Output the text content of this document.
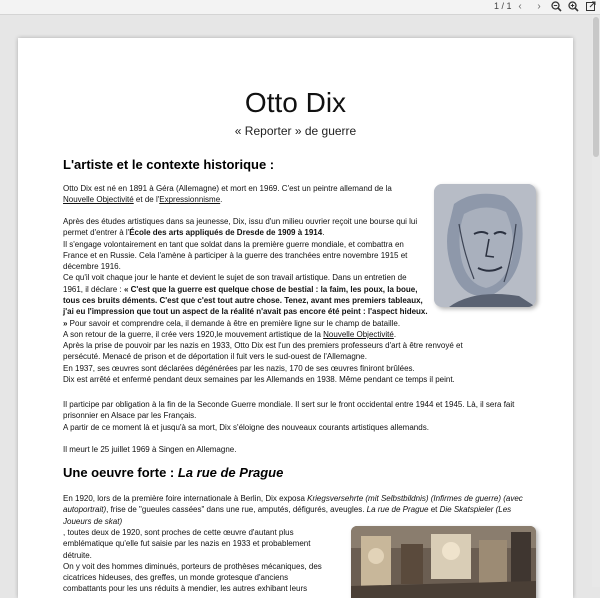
1 / 1 ‹	›
Otto Dix
« Reporter » de guerre
L'artiste et le contexte historique :

Otto Dix est né en 1891 à Géra (Allemagne) et mort en 1969. C'est un peintre allemand de la
Nouvelle Objectivité et de l'Expressionnisme.

Après des études artistiques dans sa jeunesse, Dix, issu d'un milieu ouvrier reçoit une bourse qui lui permet d'entrer à l'École des arts appliqués de Dresde de 1909 à 1914.

Il s'engage volontairement en tant que soldat dans la première guerre mondiale, et combattra en France et en Russie. Cela l'amène à participer à la guerre des tranchées entre novembre 1915 et décembre 1916.

Ce qu'il voit chaque jour le hante et devient le sujet de son travail artistique. Dans un entretien de 1961, il déclare : « C'est que la guerre est quelque chose de bestial : la faim, les poux, la boue, tous ces bruits déments. C'est que c'est tout autre chose. Tenez, avant mes premiers tableaux, j'ai eu l'impression que tout un aspect de la réalité n'avait pas encore été peint : l'aspect hideux. » Pour savoir et comprendre cela, il demande à être en première ligne sur le champ de bataille.

A son retour de la guerre, il crée vers 1920,le mouvement artistique de la Nouvelle Objectivité.

Après la prise de pouvoir par les nazis en 1933, Otto Dix est l'un des premiers professeurs d'art à être renvoyé et persécuté. Menacé de prison et de déportation il fuit vers le sud-ouest de l'Allemagne.

En 1937, ses œuvres sont déclarées dégénérées par les nazis, 170 de ses œuvres finiront brûlées.

Dix est arrêté et enfermé pendant deux semaines par les Allemands en 1938. Même pendant ce temps il peint.

Il participe par obligation à la fin de la Seconde Guerre mondiale. Il sert sur le front occidental entre 1944 et 1945. Là, il sera fait prisonnier en Alsace par les Français.

A partir de ce moment là et jusqu'à sa mort, Dix s'éloigne des nouveaux courants artistiques allemands.

Il meurt le 25 juillet 1969 à Singen en Allemagne.

Une oeuvre forte : La rue de Prague

En 1920, lors de la première foire internationale à Berlin, Dix exposa Kriegsversehrte (mit Selbstbildnis) (Infirmes de guerre) (avec autoportrait), frise de "gueules cassées" dans une rue, amputés, défigurés, aveugles. La rue de Prague et Die Skatspieler (Les Joueurs de skat)

, toutes deux de 1920, sont proches de cette œuvre d'autant plus emblématique qu'elle fut saisie par les nazis en 1933 et probablement détruite.

On y voit des hommes diminués, porteurs de prothèses mécaniques, des cicatrices hideuses, des greffes, un monde grotesque d'anciens combattants pour les uns réduits à mendier, les autres exhibant leurs
